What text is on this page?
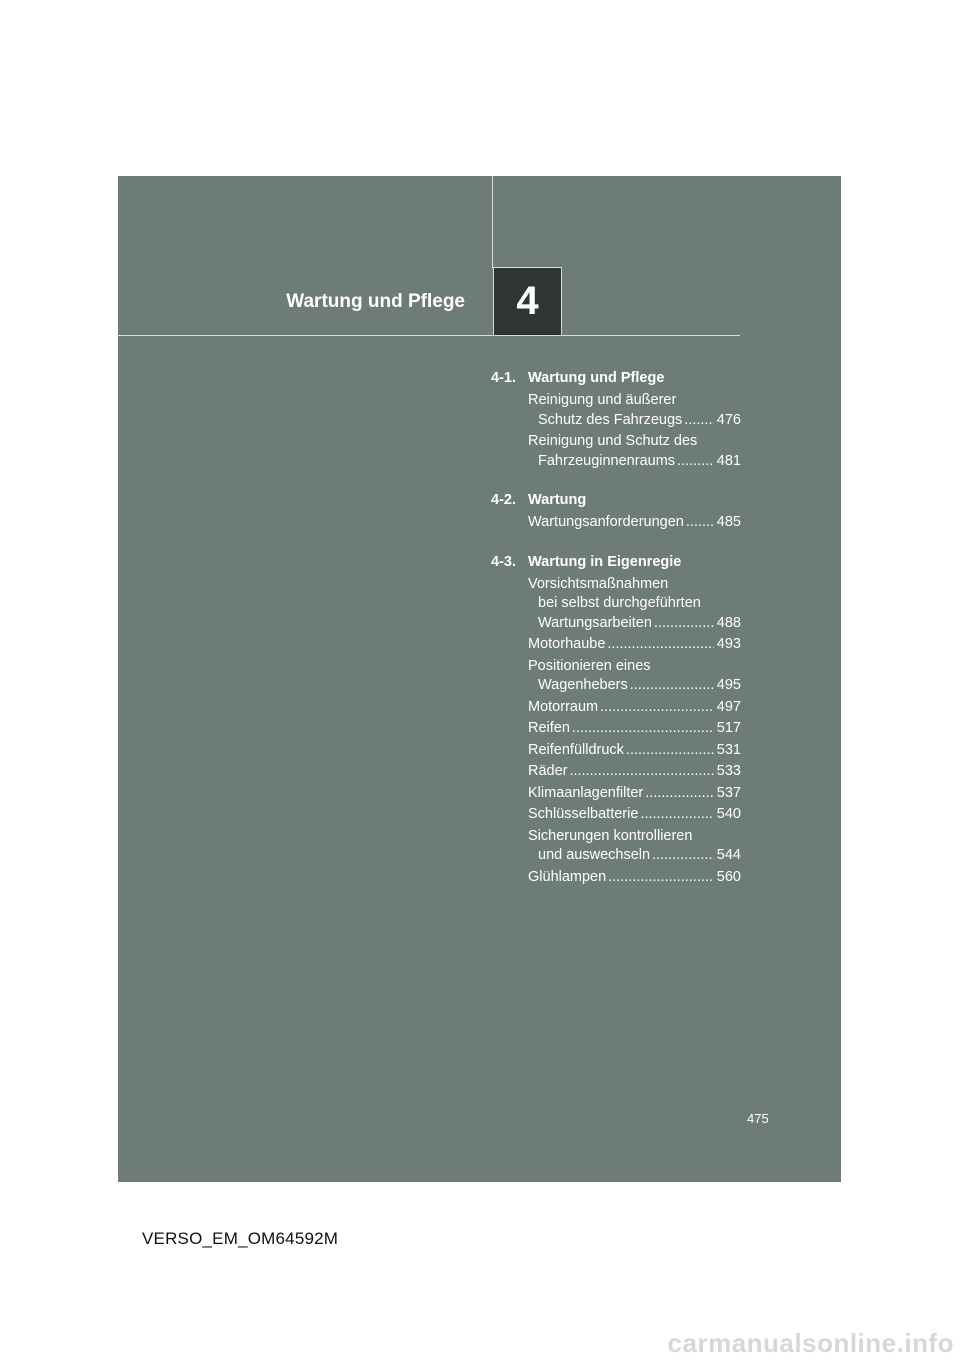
Wartung und Pflege 4
4-1. Wartung und Pflege
Reinigung und äußerer
Schutz des Fahrzeugs ..... 476
Reinigung und Schutz des
Fahrzeuginnenraums .....	481
4-2. Wartung
Wartungsanforderungen ..... 485
4-3. Wartung in Eigenregie
Vorsichtsmaßnahmen
bei selbst durchgeführten
Wartungsarbeiten .....	488
Motorhaube .....	493
Positionieren eines
Wagenhebers .....	495
Motorraum .....	497
Reifen .....	517
Reifenfülldruck .....	531
Räder .....	533
Klimaanlagenfilter .....	537
Schlüsselbatterie .....	540
Sicherungen kontrollieren
und auswechseln .....	544
Glühlampen .....	560
475
VERSO_EM_OM64592M
carmanualsonline.info
